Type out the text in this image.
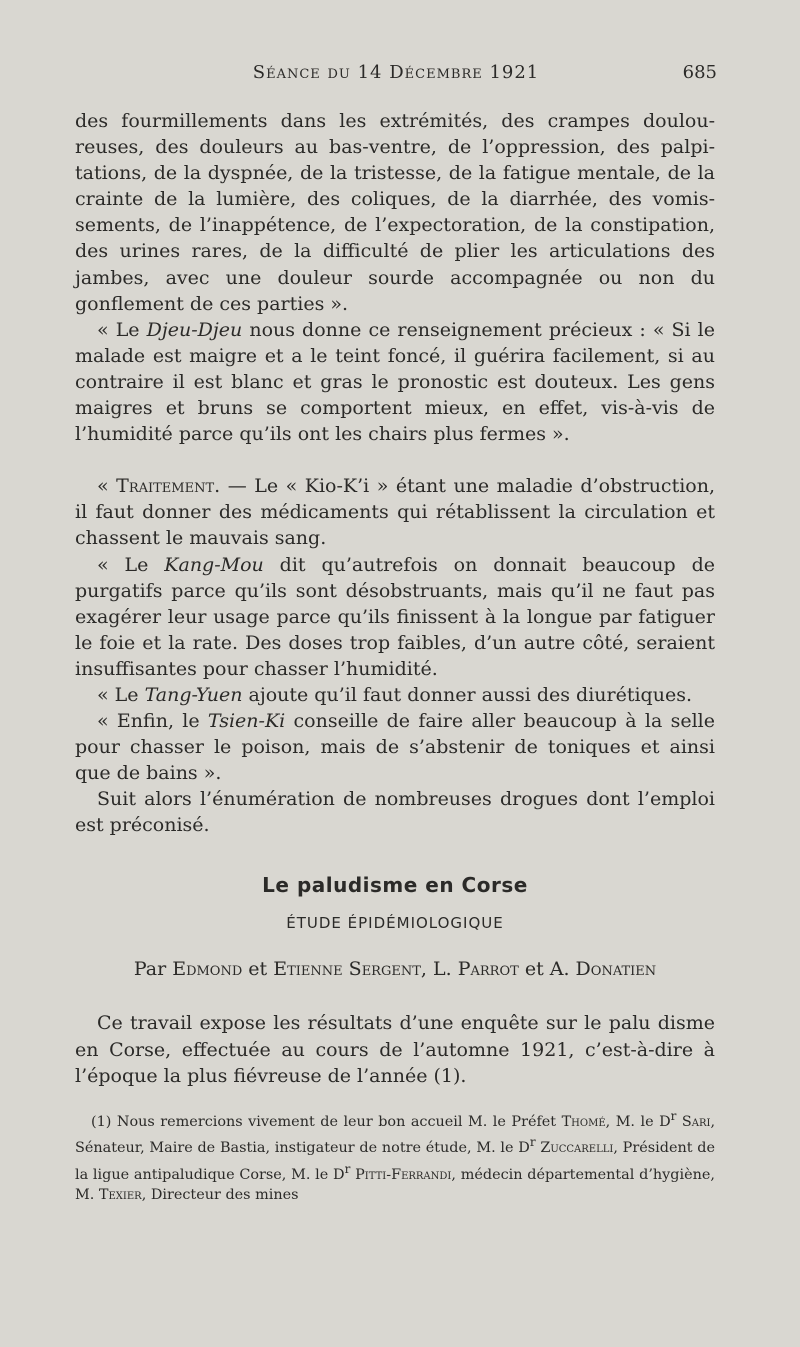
Séance du 14 Décembre 1921	685

des fourmillements dans les extrémités, des crampes douloureuses, des douleurs au bas-ventre, de l’oppression, des palpitations, de la dyspnée, de la tristesse, de la fatigue mentale, de la crainte de la lumière, des coliques, de la diarrhée, des vomissements, de l’inappétence, de l’expectoration, de la constipation, des urines rares, de la difficulté de plier les articulations des jambes, avec une douleur sourde accompagnée ou non du gonflement de ces parties ».

« Le Djeu-Djeu nous donne ce renseignement précieux : « Si le malade est maigre et a le teint foncé, il guérira facilement, si au contraire il est blanc et gras le pronostic est douteux. Les gens maigres et bruns se comportent mieux, en effet, vis-à-vis de l’humidité parce qu’ils ont les chairs plus fermes ».

« Traitement. — Le « Kio-K’i » étant une maladie d’obstruction, il faut donner des médicaments qui rétablissent la circulation et chassent le mauvais sang.

« Le Kang-Mou dit qu’autrefois on donnait beaucoup de purgatifs parce qu’ils sont désobstruants, mais qu’il ne faut pas exagérer leur usage parce qu’ils finissent à la longue par fatiguer le foie et la rate. Des doses trop faibles, d’un autre côté, seraient insuffisantes pour chasser l’humidité.

« Le Tang-Yuen ajoute qu’il faut donner aussi des diurétiques.

« Enfin, le Tsien-Ki conseille de faire aller beaucoup à la selle pour chasser le poison, mais de s’abstenir de toniques et ainsi que de bains ».

Suit alors l’énumération de nombreuses drogues dont l’emploi est préconisé.

Le paludisme en Corse
ÉTUDE ÉPIDÉMIOLOGIQUE
Par Edmond et Etienne Sergent, L. Parrot et A. Donatien

Ce travail expose les résultats d’une enquête sur le palu disme en Corse, effectuée au cours de l’automne 1921, c’est-à-dire à l’époque la plus fiévreuse de l’année (1).

(1) Nous remercions vivement de leur bon accueil M. le Préfet Thomé, M. le $D^r$ Sari, Sénateur, Maire de Bastia, instigateur de notre étude, M. le $D^r$ Zuccarelli, Président de la ligue antipaludique Corse, M. le $D^r$ Pitti-Ferrandi, médecin départemental d’hygiène, M. Texier, Directeur des mines
